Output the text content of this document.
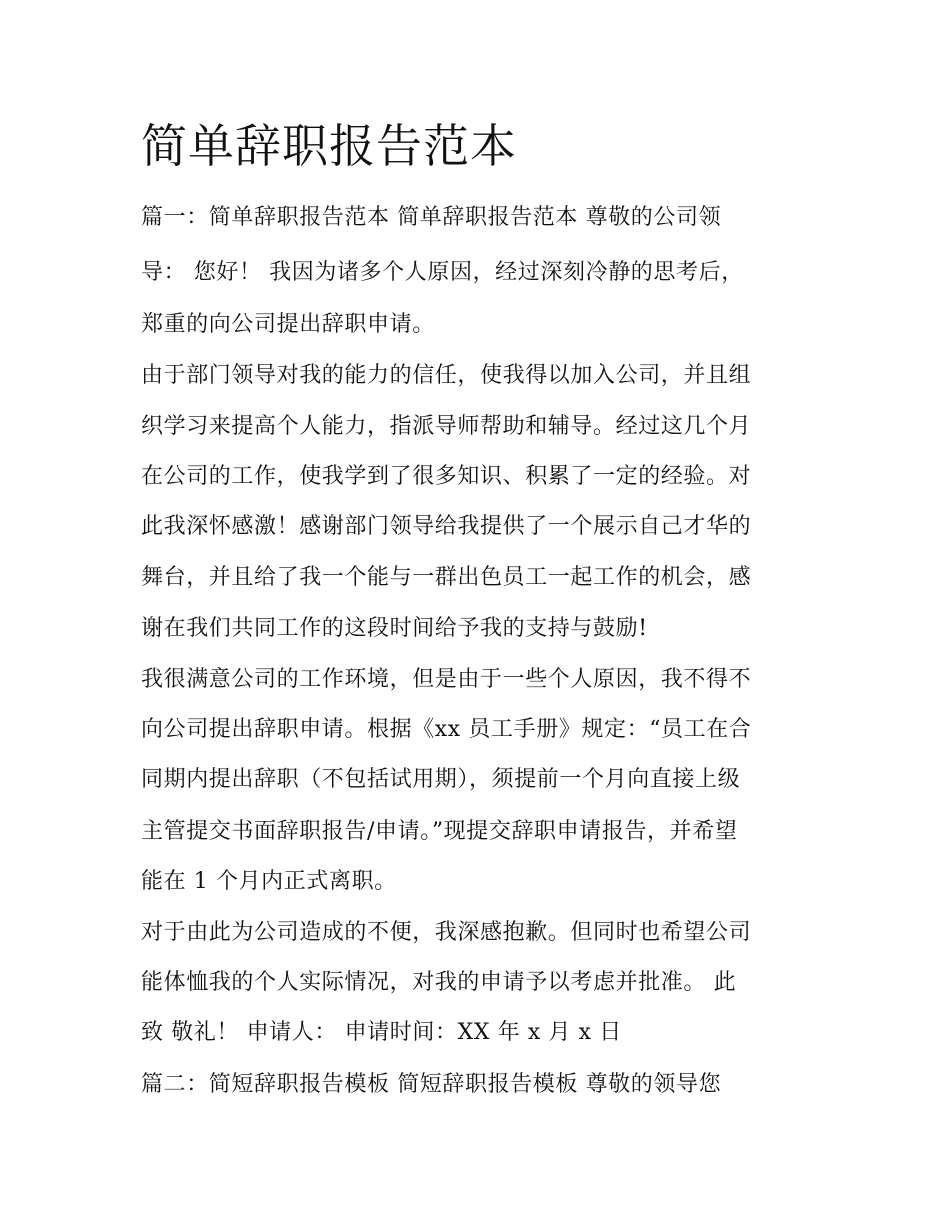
简单辞职报告范本

篇一：简单辞职报告范本 简单辞职报告范本 尊敬的公司领

导： 您好！ 我因为诸多个人原因，经过深刻冷静的思考后，

郑重的向公司提出辞职申请。

由于部门领导对我的能力的信任，使我得以加入公司，并且组

织学习来提高个人能力，指派导师帮助和辅导。经过这几个月

在公司的工作，使我学到了很多知识、积累了一定的经验。对

此我深怀感激！感谢部门领导给我提供了一个展示自己才华的

舞台，并且给了我一个能与一群出色员工一起工作的机会，感

谢在我们共同工作的这段时间给予我的支持与鼓励!

我很满意公司的工作环境，但是由于一些个人原因，我不得不

向公司提出辞职申请。根据《xx 员工手册》规定：“员工在合

同期内提出辞职（不包括试用期），须提前一个月向直接上级

主管提交书面辞职报告/申请。”现提交辞职申请报告，并希望

能在 1 个月内正式离职。

对于由此为公司造成的不便，我深感抱歉。但同时也希望公司

能体恤我的个人实际情况，对我的申请予以考虑并批准。 此

致 敬礼！ 申请人： 申请时间：XX 年 x 月 x 日

篇二：简短辞职报告模板 简短辞职报告模板 尊敬的领导您
